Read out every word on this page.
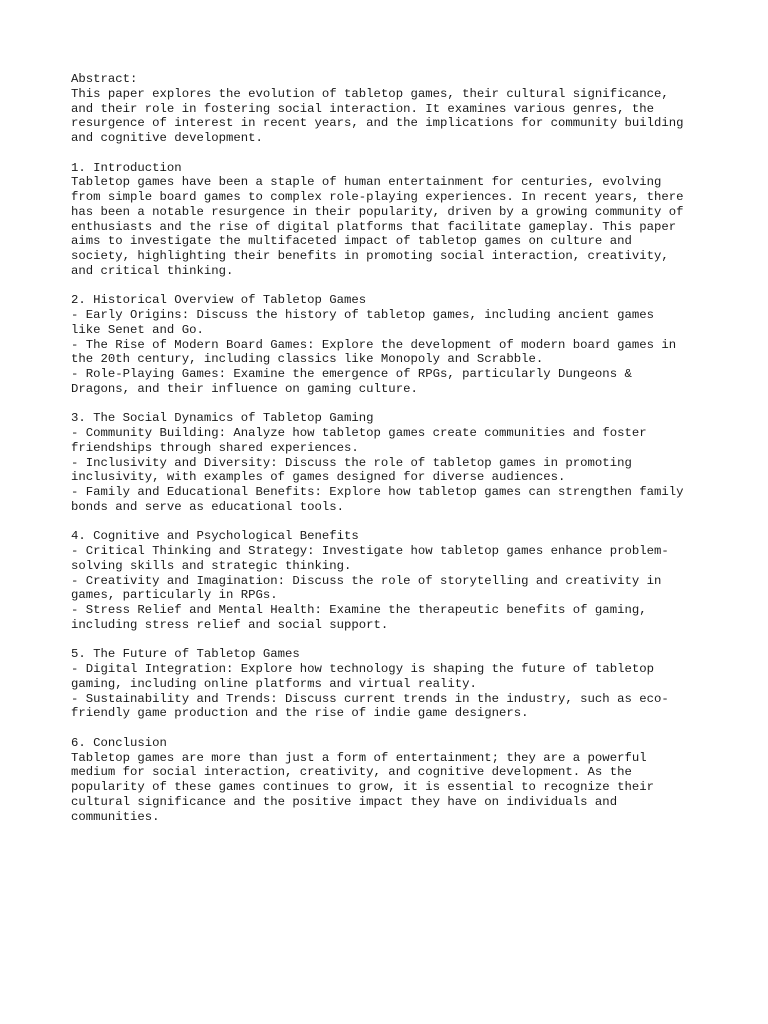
Abstract:
This paper explores the evolution of tabletop games, their cultural significance,
and their role in fostering social interaction. It examines various genres, the
resurgence of interest in recent years, and the implications for community building
and cognitive development.
1. Introduction
Tabletop games have been a staple of human entertainment for centuries, evolving
from simple board games to complex role-playing experiences. In recent years, there
has been a notable resurgence in their popularity, driven by a growing community of
enthusiasts and the rise of digital platforms that facilitate gameplay. This paper
aims to investigate the multifaceted impact of tabletop games on culture and
society, highlighting their benefits in promoting social interaction, creativity,
and critical thinking.
2. Historical Overview of Tabletop Games
- Early Origins: Discuss the history of tabletop games, including ancient games
like Senet and Go.
- The Rise of Modern Board Games: Explore the development of modern board games in
the 20th century, including classics like Monopoly and Scrabble.
- Role-Playing Games: Examine the emergence of RPGs, particularly Dungeons &
Dragons, and their influence on gaming culture.
3. The Social Dynamics of Tabletop Gaming
- Community Building: Analyze how tabletop games create communities and foster
friendships through shared experiences.
- Inclusivity and Diversity: Discuss the role of tabletop games in promoting
inclusivity, with examples of games designed for diverse audiences.
- Family and Educational Benefits: Explore how tabletop games can strengthen family
bonds and serve as educational tools.
4. Cognitive and Psychological Benefits
- Critical Thinking and Strategy: Investigate how tabletop games enhance problem-
solving skills and strategic thinking.
- Creativity and Imagination: Discuss the role of storytelling and creativity in
games, particularly in RPGs.
- Stress Relief and Mental Health: Examine the therapeutic benefits of gaming,
including stress relief and social support.
5. The Future of Tabletop Games
- Digital Integration: Explore how technology is shaping the future of tabletop
gaming, including online platforms and virtual reality.
- Sustainability and Trends: Discuss current trends in the industry, such as eco-
friendly game production and the rise of indie game designers.
6. Conclusion
Tabletop games are more than just a form of entertainment; they are a powerful
medium for social interaction, creativity, and cognitive development. As the
popularity of these games continues to grow, it is essential to recognize their
cultural significance and the positive impact they have on individuals and
communities.
